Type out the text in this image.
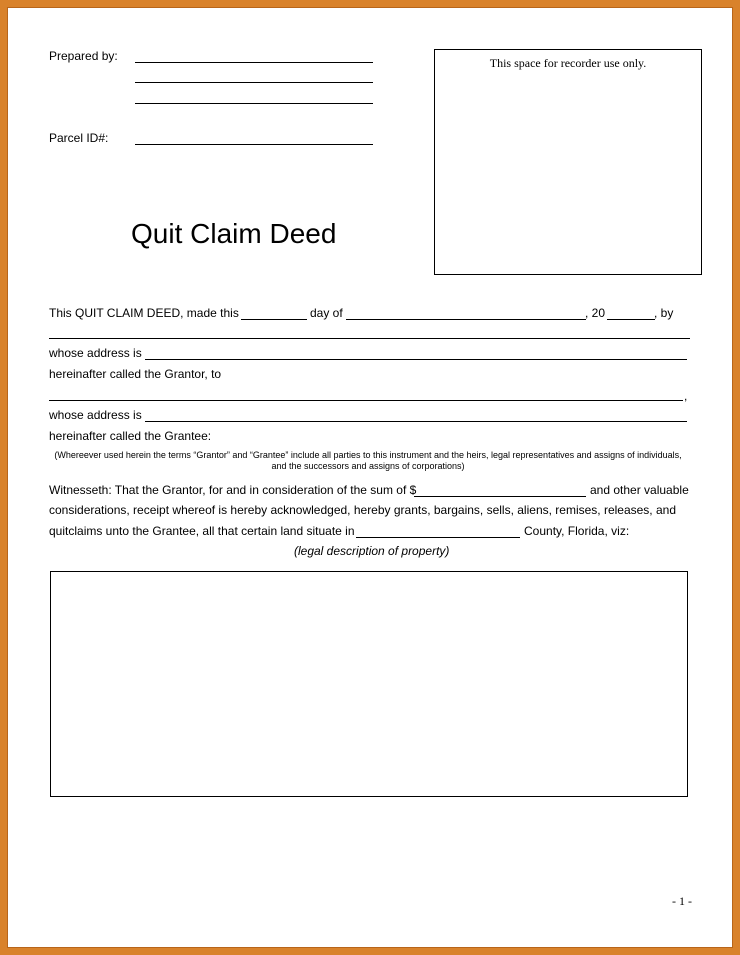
Prepared by:
Parcel ID#:
This space for recorder use only.
Quit Claim Deed
This QUIT CLAIM DEED, made this	day of	, 20	, by
whose address is
hereinafter called the Grantor, to
,
whose address is
hereinafter called the Grantee:
(Whereever used herein the terms “Grantor” and “Grantee” include all parties to this instrument and the heirs, legal representatives and assigns of individuals, and the successors and assigns of corporations)
Witnesseth: That the Grantor, for and in consideration of the sum of $	and other valuable
considerations, receipt whereof is hereby acknowledged, hereby grants, bargains, sells, aliens, remises, releases, and
quitclaims unto the Grantee, all that certain land situate in	County, Florida, viz:
(legal description of property)
- 1 -
